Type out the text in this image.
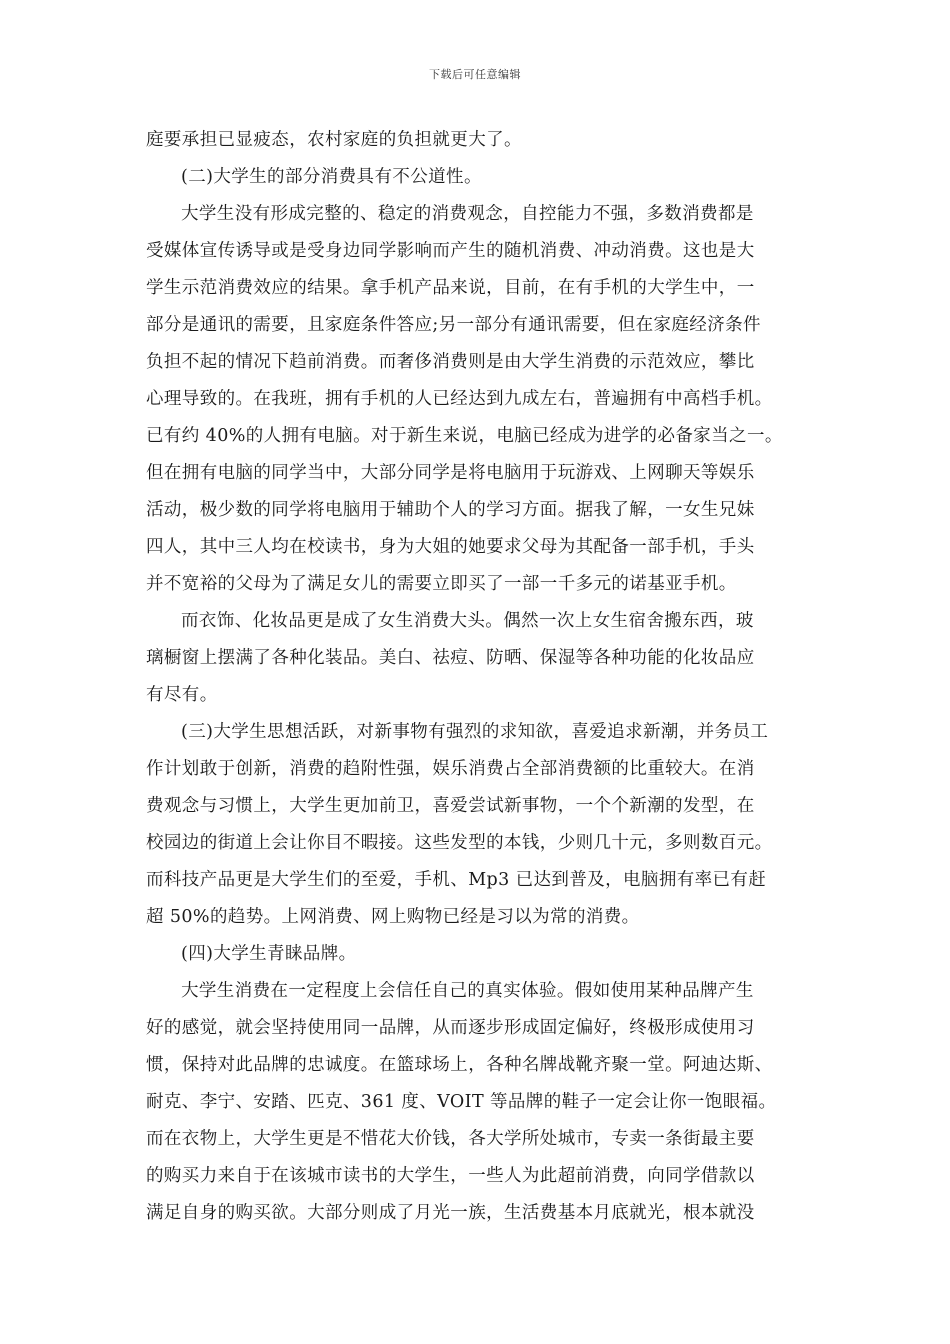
下载后可任意编辑
庭要承担已显疲态，农村家庭的负担就更大了。
(二)大学生的部分消费具有不公道性。
大学生没有形成完整的、稳定的消费观念，自控能力不强，多数消费都是
受媒体宣传诱导或是受身边同学影响而产生的随机消费、冲动消费。这也是大
学生示范消费效应的结果。拿手机产品来说，目前，在有手机的大学生中，一
部分是通讯的需要，且家庭条件答应;另一部分有通讯需要，但在家庭经济条件
负担不起的情况下趋前消费。而奢侈消费则是由大学生消费的示范效应，攀比
心理导致的。在我班，拥有手机的人已经达到九成左右，普遍拥有中高档手机。
已有约 40%的人拥有电脑。对于新生来说，电脑已经成为进学的必备家当之一。
但在拥有电脑的同学当中，大部分同学是将电脑用于玩游戏、上网聊天等娱乐
活动，极少数的同学将电脑用于辅助个人的学习方面。据我了解，一女生兄妹
四人，其中三人均在校读书，身为大姐的她要求父母为其配备一部手机，手头
并不宽裕的父母为了满足女儿的需要立即买了一部一千多元的诺基亚手机。
而衣饰、化妆品更是成了女生消费大头。偶然一次上女生宿舍搬东西，玻
璃橱窗上摆满了各种化装品。美白、祛痘、防晒、保湿等各种功能的化妆品应
有尽有。
(三)大学生思想活跃，对新事物有强烈的求知欲，喜爱追求新潮，并务员工
作计划敢于创新，消费的趋附性强，娱乐消费占全部消费额的比重较大。在消
费观念与习惯上，大学生更加前卫，喜爱尝试新事物，一个个新潮的发型，在
校园边的街道上会让你目不暇接。这些发型的本钱，少则几十元，多则数百元。
而科技产品更是大学生们的至爱，手机、Mp3 已达到普及，电脑拥有率已有赶
超 50%的趋势。上网消费、网上购物已经是习以为常的消费。
(四)大学生青睐品牌。
大学生消费在一定程度上会信任自己的真实体验。假如使用某种品牌产生
好的感觉，就会坚持使用同一品牌，从而逐步形成固定偏好，终极形成使用习
惯，保持对此品牌的忠诚度。在篮球场上，各种名牌战靴齐聚一堂。阿迪达斯、
耐克、李宁、安踏、匹克、361 度、VOIT 等品牌的鞋子一定会让你一饱眼福。
而在衣物上，大学生更是不惜花大价钱，各大学所处城市，专卖一条街最主要
的购买力来自于在该城市读书的大学生，一些人为此超前消费，向同学借款以
满足自身的购买欲。大部分则成了月光一族，生活费基本月底就光，根本就没
